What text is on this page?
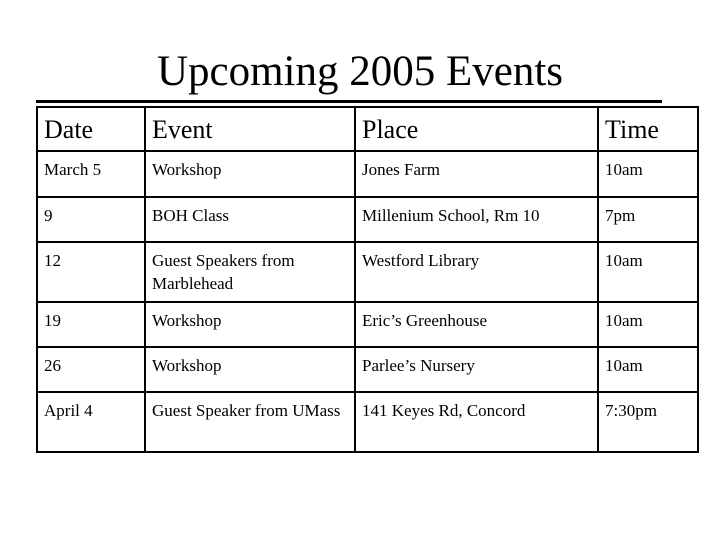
Upcoming 2005 Events
Date	Event	Place	Time
March 5	Workshop	Jones Farm	10am
9	BOH Class	Millenium School, Rm 10	7pm
12	Guest Speakers from Marblehead	Westford Library	10am
19	Workshop	Eric’s Greenhouse	10am
26	Workshop	Parlee’s Nursery	10am
April 4	Guest Speaker from UMass	141 Keyes Rd, Concord	7:30pm
